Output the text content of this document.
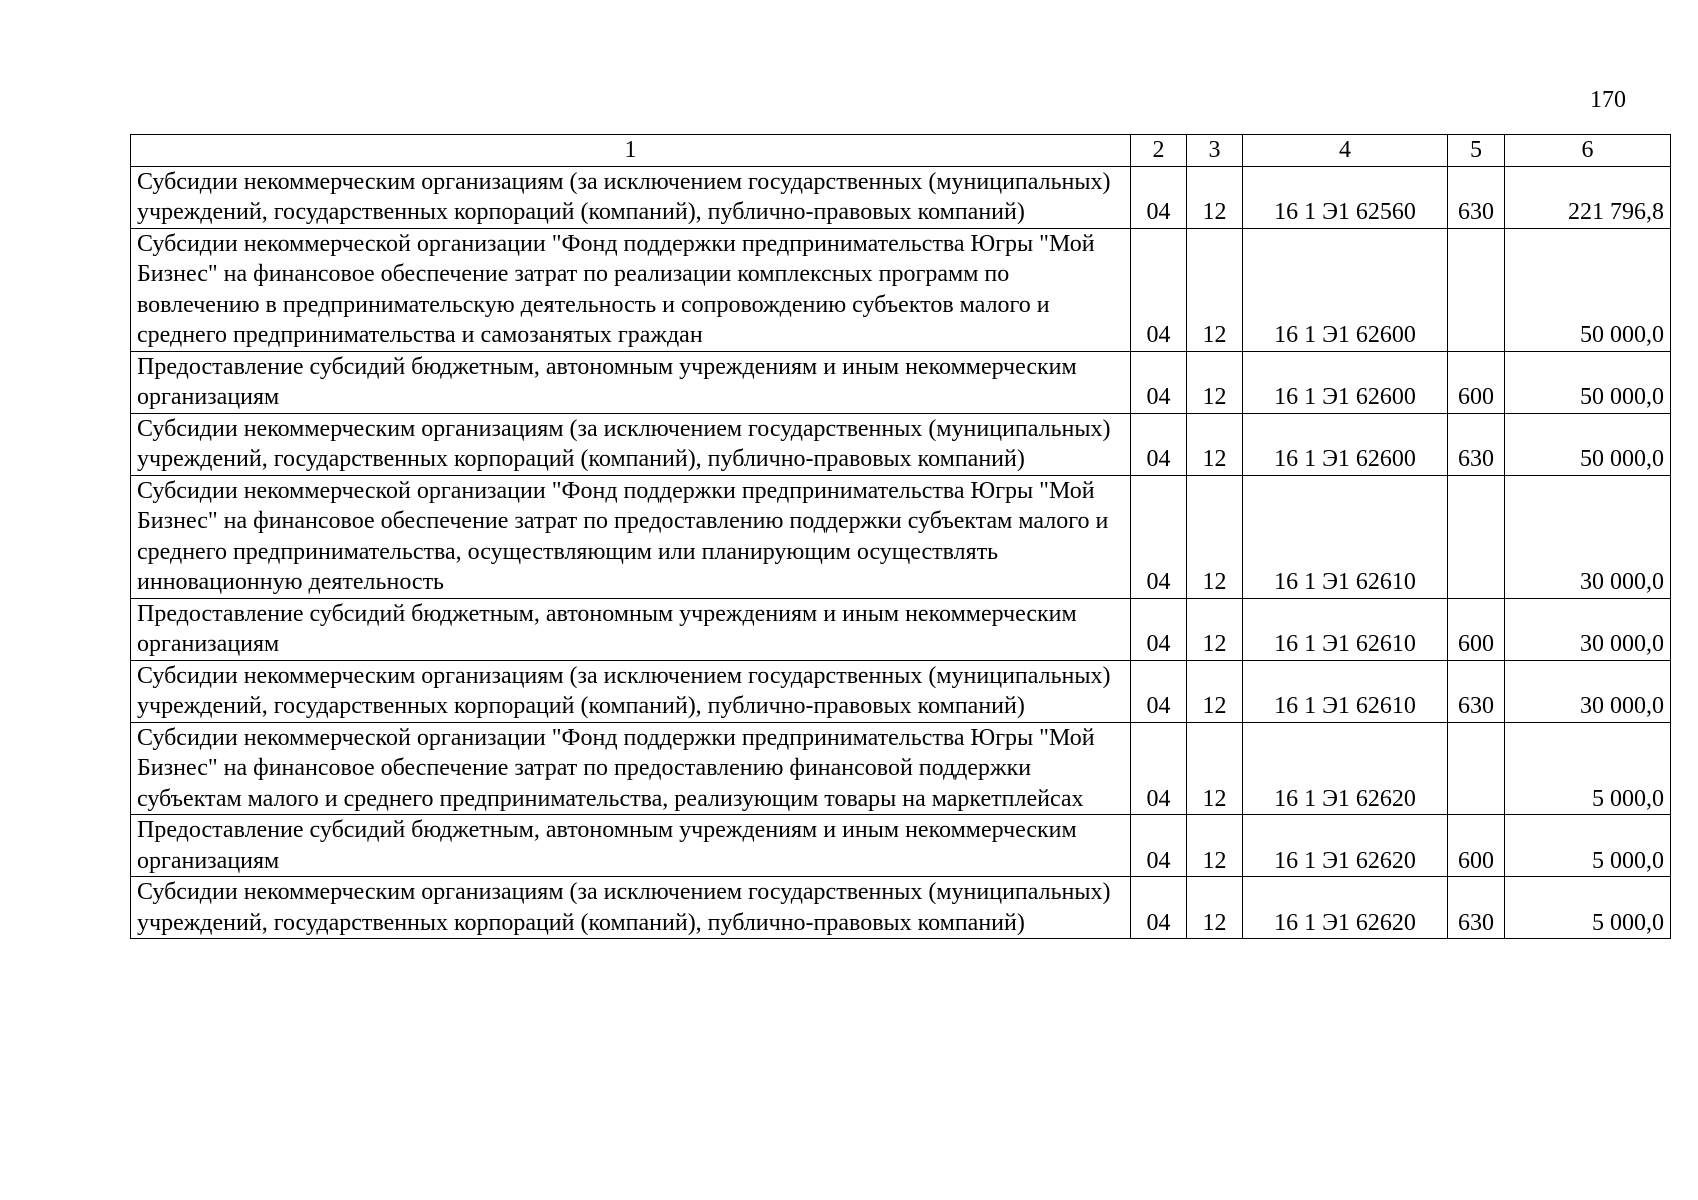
170
1	2	3	4	5	6
Субсидии некоммерческим организациям (за исключением государственных (муниципальных) учреждений, государственных корпораций (компаний), публично-правовых компаний)	04	12	16 1 Э1 62560	630	221 796,8
Субсидии некоммерческой организации "Фонд поддержки предпринимательства Югры "Мой Бизнес" на финансовое обеспечение затрат по реализации комплексных программ по вовлечению в предпринимательскую деятельность и сопровождению субъектов малого и среднего предпринимательства и самозанятых граждан	04	12	16 1 Э1 62600		50 000,0
Предоставление субсидий бюджетным, автономным учреждениям и иным некоммерческим организациям	04	12	16 1 Э1 62600	600	50 000,0
Субсидии некоммерческим организациям (за исключением государственных (муниципальных) учреждений, государственных корпораций (компаний), публично-правовых компаний)	04	12	16 1 Э1 62600	630	50 000,0
Субсидии некоммерческой организации "Фонд поддержки предпринимательства Югры "Мой Бизнес" на финансовое обеспечение затрат по предоставлению поддержки субъектам малого и среднего предпринимательства, осуществляющим или планирующим осуществлять инновационную деятельность	04	12	16 1 Э1 62610		30 000,0
Предоставление субсидий бюджетным, автономным учреждениям и иным некоммерческим организациям	04	12	16 1 Э1 62610	600	30 000,0
Субсидии некоммерческим организациям (за исключением государственных (муниципальных) учреждений, государственных корпораций (компаний), публично-правовых компаний)	04	12	16 1 Э1 62610	630	30 000,0
Субсидии некоммерческой организации "Фонд поддержки предпринимательства Югры "Мой Бизнес" на финансовое обеспечение затрат по предоставлению финансовой поддержки субъектам малого и среднего предпринимательства, реализующим товары на маркетплейсах	04	12	16 1 Э1 62620		5 000,0
Предоставление субсидий бюджетным, автономным учреждениям и иным некоммерческим организациям	04	12	16 1 Э1 62620	600	5 000,0
Субсидии некоммерческим организациям (за исключением государственных (муниципальных) учреждений, государственных корпораций (компаний), публично-правовых компаний)	04	12	16 1 Э1 62620	630	5 000,0
